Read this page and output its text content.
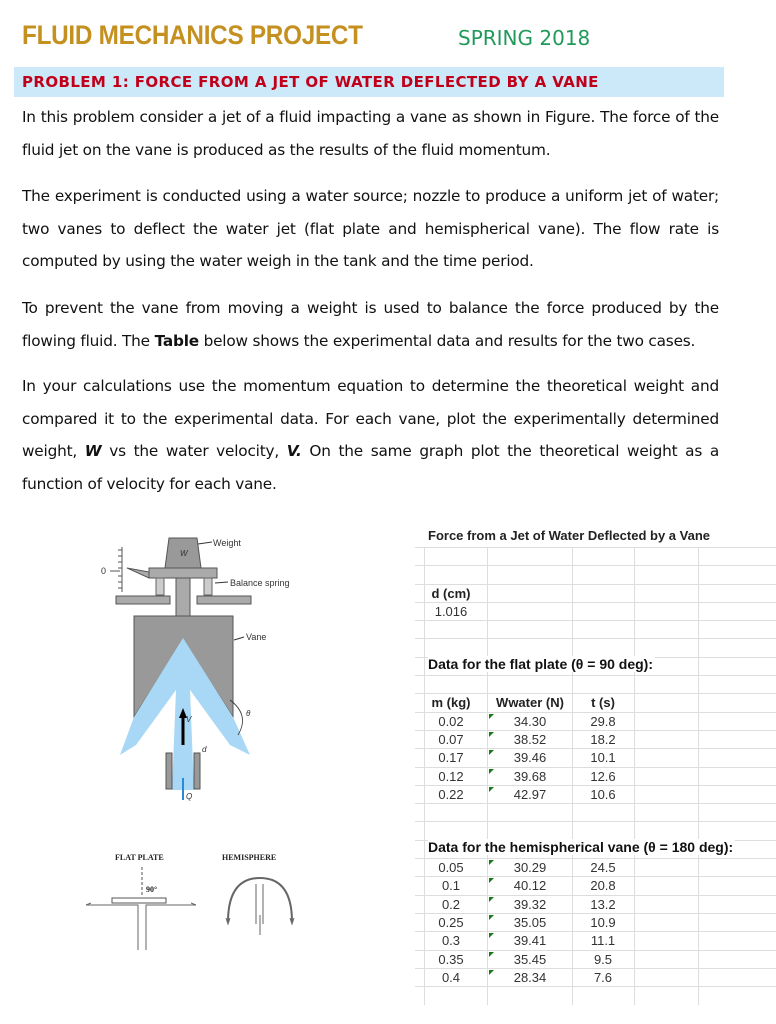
FLUID MECHANICS PROJECT	SPRING 2018
PROBLEM 1: FORCE FROM A JET OF WATER DEFLECTED BY A VANE
In this problem consider a jet of a fluid impacting a vane as shown in Figure. The force of the fluid jet on the vane is produced as the results of the fluid momentum.
The experiment is conducted using a water source; nozzle to produce a uniform jet of water; two vanes to deflect the water jet (flat plate and hemispherical vane). The flow rate is computed by using the water weigh in the tank and the time period.
To prevent the vane from moving a weight is used to balance the force produced by the flowing fluid. The Table below shows the experimental data and results for the two cases.
In your calculations use the momentum equation to determine the theoretical weight and compared it to the experimental data. For each vane, plot the experimentally determined weight, W vs the water velocity, V. On the same graph plot the theoretical weight as a function of velocity for each vane.
0
W
Weight
Balance spring
Vane
V
d
θ
Q
FLAT PLATE	HEMISPHERE
90°
Force from a Jet of Water Deflected by a Vane
d (cm)
1.016
Data for the flat plate (θ = 90 deg):
m (kg)	Wwater (N)	t (s)
0.02	34.30	29.8
0.07	38.52	18.2
0.17	39.46	10.1
0.12	39.68	12.6
0.22	42.97	10.6
Data for the hemispherical vane (θ = 180 deg):
0.05	30.29	24.5
0.1	40.12	20.8
0.2	39.32	13.2
0.25	35.05	10.9
0.3	39.41	11.1
0.35	35.45	9.5
0.4	28.34	7.6
